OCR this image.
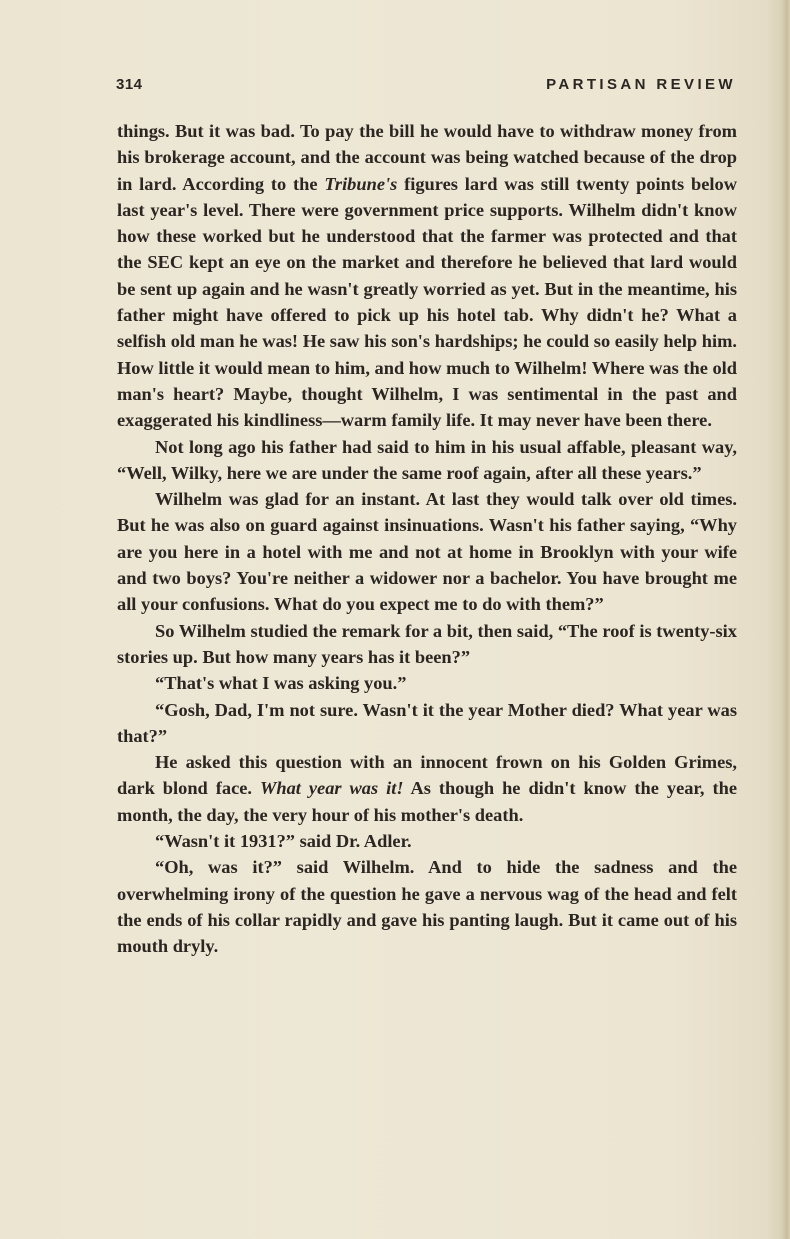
314	PARTISAN REVIEW

things. But it was bad. To pay the bill he would have to withdraw money from his brokerage account, and the account was being watched because of the drop in lard. According to the Tribune's figures lard was still twenty points below last year's level. There were government price supports. Wilhelm didn't know how these worked but he understood that the farmer was protected and that the SEC kept an eye on the market and therefore he believed that lard would be sent up again and he wasn't greatly worried as yet. But in the meantime, his father might have offered to pick up his hotel tab. Why didn't he? What a selfish old man he was! He saw his son's hardships; he could so easily help him. How little it would mean to him, and how much to Wilhelm! Where was the old man's heart? Maybe, thought Wilhelm, I was sentimental in the past and exaggerated his kindliness—warm family life. It may never have been there.

Not long ago his father had said to him in his usual affable, pleasant way, “Well, Wilky, here we are under the same roof again, after all these years.”

Wilhelm was glad for an instant. At last they would talk over old times. But he was also on guard against insinuations. Wasn't his father saying, “Why are you here in a hotel with me and not at home in Brooklyn with your wife and two boys? You're neither a widower nor a bachelor. You have brought me all your confusions. What do you expect me to do with them?”

So Wilhelm studied the remark for a bit, then said, “The roof is twenty-six stories up. But how many years has it been?”

“That's what I was asking you.”

“Gosh, Dad, I'm not sure. Wasn't it the year Mother died? What year was that?”

He asked this question with an innocent frown on his Golden Grimes, dark blond face. What year was it! As though he didn't know the year, the month, the day, the very hour of his mother's death.

“Wasn't it 1931?” said Dr. Adler.

“Oh, was it?” said Wilhelm. And to hide the sadness and the overwhelming irony of the question he gave a nervous wag of the head and felt the ends of his collar rapidly and gave his panting laugh. But it came out of his mouth dryly.
